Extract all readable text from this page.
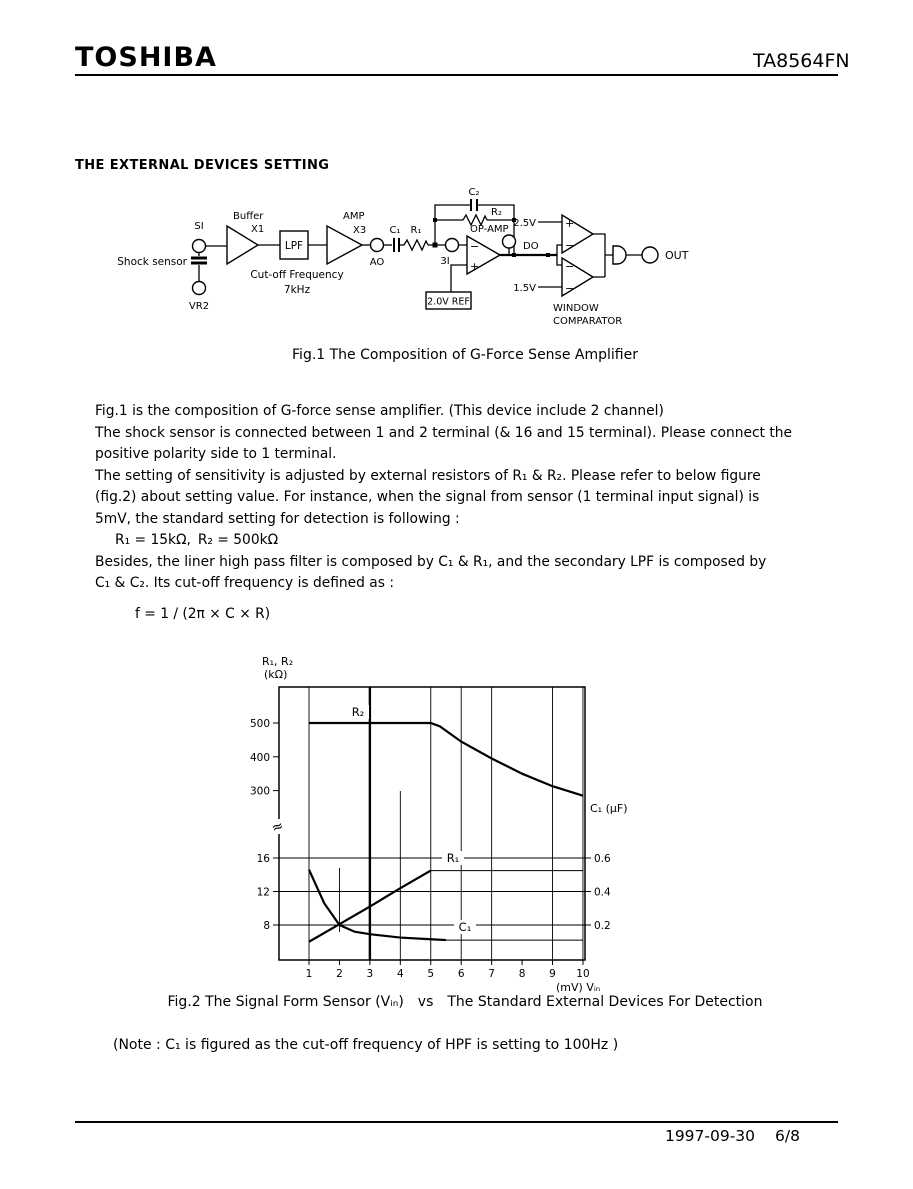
TOSHIBA	TA8564FN
THE EXTERNAL DEVICES SETTING
Shock sensor
SI
VR2
Buffer
X1
LPF
Cut-off Frequency
7kHz
AMP
X3
AO
C₁ R₁
3I
C₂
R₂
OP-AMP
−
+
2.0V REF
DO
2.5V
1.5V
+
−
−
−
OUT
WINDOW
COMPARATOR
Fig.1 The Composition of G-Force Sense Amplifier
Fig.1 is the composition of G-force sense amplifier. (This device include 2 channel)
The shock sensor is connected between 1 and 2 terminal (& 16 and 15 terminal). Please connect the
positive polarity side to 1 terminal.
The setting of sensitivity is adjusted by external resistors of R₁ & R₂. Please refer to below figure
(fig.2) about setting value. For instance, when the signal from sensor (1 terminal input signal) is
5mV, the standard setting for detection is following :
R₁ = 15kΩ, R₂ = 500kΩ
Besides, the liner high pass filter is composed by C₁ & R₁, and the secondary LPF is composed by
C₁ & C₂. Its cut-off frequency is defined as :
f = 1 / (2π × C × R)
500
400
300
16
12
8
0.6
0.4
0.2
1 2 3 4 5 6 7 8 9 10
R₁, R₂
(kΩ)
C₁ (μF)
(mV) Vᵢₙ
R₂
R₁
C₁
≈
Fig.2 The Signal Form Sensor (Vᵢₙ)  vs  The Standard External Devices For Detection
(Note : C₁ is figured as the cut-off frequency of HPF is setting to 100Hz )
1997-09-30 6/8
